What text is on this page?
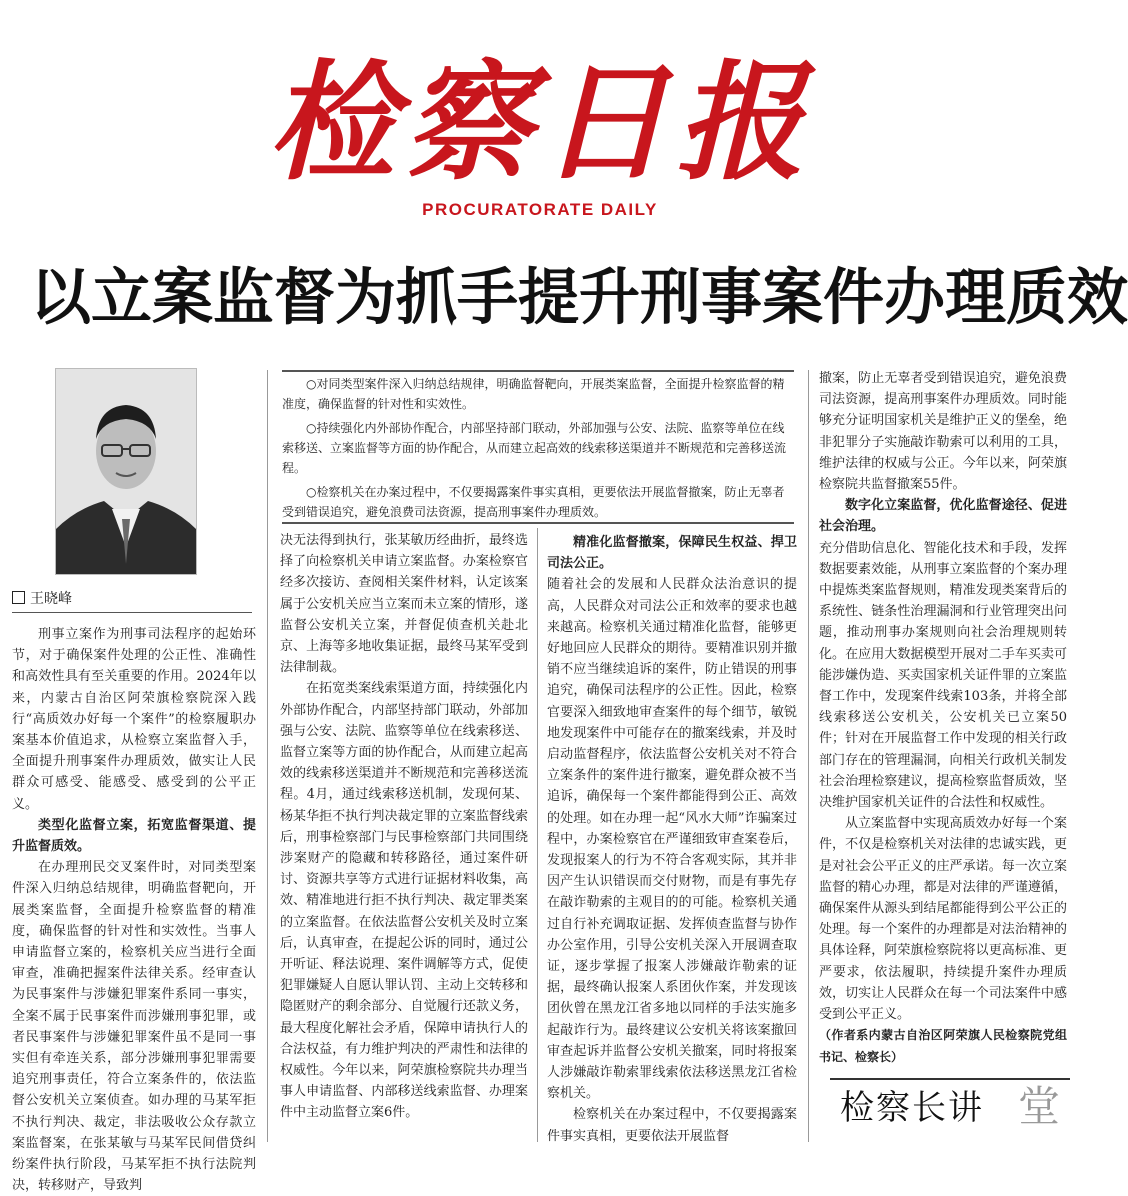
检察日报
PROCURATORATE DAILY
以立案监督为抓手提升刑事案件办理质效
王晓峰

○对同类型案件深入归纳总结规律，明确监督靶向，开展类案监督，全面提升检察监督的精准度，确保监督的针对性和实效性。

○持续强化内外部协作配合，内部坚持部门联动，外部加强与公安、法院、监察等单位在线索移送、立案监督等方面的协作配合，从而建立起高效的线索移送渠道并不断规范和完善移送流程。

○检察机关在办案过程中，不仅要揭露案件事实真相，更要依法开展监督撤案，防止无辜者受到错误追究，避免浪费司法资源，提高刑事案件办理质效。

刑事立案作为刑事司法程序的起始环节，对于确保案件处理的公正性、准确性和高效性具有至关重要的作用。2024年以来，内蒙古自治区阿荣旗检察院深入践行“高质效办好每一个案件”的检察履职办案基本价值追求，从检察立案监督入手，全面提升刑事案件办理质效，做实让人民群众可感受、能感受、感受到的公平正义。

类型化监督立案，拓宽监督渠道、提升监督质效。

在办理刑民交叉案件时，对同类型案件深入归纳总结规律，明确监督靶向，开展类案监督，全面提升检察监督的精准度，确保监督的针对性和实效性。当事人申请监督立案的，检察机关应当进行全面审查，准确把握案件法律关系。经审查认为民事案件与涉嫌犯罪案件系同一事实，全案不属于民事案件而涉嫌刑事犯罪，或者民事案件与涉嫌犯罪案件虽不是同一事实但有牵连关系，部分涉嫌刑事犯罪需要追究刑事责任，符合立案条件的，依法监督公安机关立案侦查。如办理的马某军拒不执行判决、裁定，非法吸收公众存款立案监督案，在张某敏与马某军民间借贷纠纷案件执行阶段，马某军拒不执行法院判决，转移财产，导致判

决无法得到执行，张某敏历经曲折，最终选择了向检察机关申请立案监督。办案检察官经多次接访、查阅相关案件材料，认定该案属于公安机关应当立案而未立案的情形，遂监督公安机关立案，并督促侦查机关赴北京、上海等多地收集证据，最终马某军受到法律制裁。

在拓宽类案线索渠道方面，持续强化内外部协作配合，内部坚持部门联动，外部加强与公安、法院、监察等单位在线索移送、监督立案等方面的协作配合，从而建立起高效的线索移送渠道并不断规范和完善移送流程。4月，通过线索移送机制，发现何某、杨某华拒不执行判决裁定罪的立案监督线索后，刑事检察部门与民事检察部门共同围绕涉案财产的隐藏和转移路径，通过案件研讨、资源共享等方式进行证据材料收集，高效、精准地进行拒不执行判决、裁定罪类案的立案监督。在依法监督公安机关及时立案后，认真审查，在提起公诉的同时，通过公开听证、释法说理、案件调解等方式，促使犯罪嫌疑人自愿认罪认罚、主动上交转移和隐匿财产的剩余部分、自觉履行还款义务，最大程度化解社会矛盾，保障申请执行人的合法权益，有力维护判决的严肃性和法律的权威性。今年以来，阿荣旗检察院共办理当事人申请监督、内部移送线索监督、办理案件中主动监督立案6件。

精准化监督撤案，保障民生权益、捍卫司法公正。

随着社会的发展和人民群众法治意识的提高，人民群众对司法公正和效率的要求也越来越高。检察机关通过精准化监督，能够更好地回应人民群众的期待。要精准识别并撤销不应当继续追诉的案件，防止错误的刑事追究，确保司法程序的公正性。因此，检察官要深入细致地审查案件的每个细节，敏锐地发现案件中可能存在的撤案线索，并及时启动监督程序，依法监督公安机关对不符合立案条件的案件进行撤案，避免群众被不当追诉，确保每一个案件都能得到公正、高效的处理。如在办理一起“风水大师”诈骗案过程中，办案检察官在严谨细致审查案卷后，发现报案人的行为不符合客观实际，其并非因产生认识错误而交付财物，而是有事先存在敲诈勒索的主观目的的可能。检察机关通过自行补充调取证据、发挥侦查监督与协作办公室作用，引导公安机关深入开展调查取证，逐步掌握了报案人涉嫌敲诈勒索的证据，最终确认报案人系团伙作案，并发现该团伙曾在黑龙江省多地以同样的手法实施多起敲诈行为。最终建议公安机关将该案撤回审查起诉并监督公安机关撤案，同时将报案人涉嫌敲诈勒索罪线索依法移送黑龙江省检察机关。

检察机关在办案过程中，不仅要揭露案件事实真相，更要依法开展监督

撤案，防止无辜者受到错误追究，避免浪费司法资源，提高刑事案件办理质效。同时能够充分证明国家机关是维护正义的堡垒，绝非犯罪分子实施敲诈勒索可以利用的工具，维护法律的权威与公正。今年以来，阿荣旗检察院共监督撤案55件。

数字化立案监督，优化监督途径、促进社会治理。

充分借助信息化、智能化技术和手段，发挥数据要素效能，从刑事立案监督的个案办理中提炼类案监督规则，精准发现类案背后的系统性、链条性治理漏洞和行业管理突出问题，推动刑事办案规则向社会治理规则转化。在应用大数据模型开展对二手车买卖可能涉嫌伪造、买卖国家机关证件罪的立案监督工作中，发现案件线索103条，并将全部线索移送公安机关，公安机关已立案50件；针对在开展监督工作中发现的相关行政部门存在的管理漏洞，向相关行政机关制发社会治理检察建议，提高检察监督质效，坚决维护国家机关证件的合法性和权威性。

从立案监督中实现高质效办好每一个案件，不仅是检察机关对法律的忠诚实践，更是对社会公平正义的庄严承诺。每一次立案监督的精心办理，都是对法律的严谨遵循，确保案件从源头到结尾都能得到公平公正的处理。每一个案件的办理都是对法治精神的具体诠释，阿荣旗检察院将以更高标准、更严要求，依法履职，持续提升案件办理质效，切实让人民群众在每一个司法案件中感受到公平正义。

（作者系内蒙古自治区阿荣旗人民检察院党组书记、检察长）

检察长讲 堂
